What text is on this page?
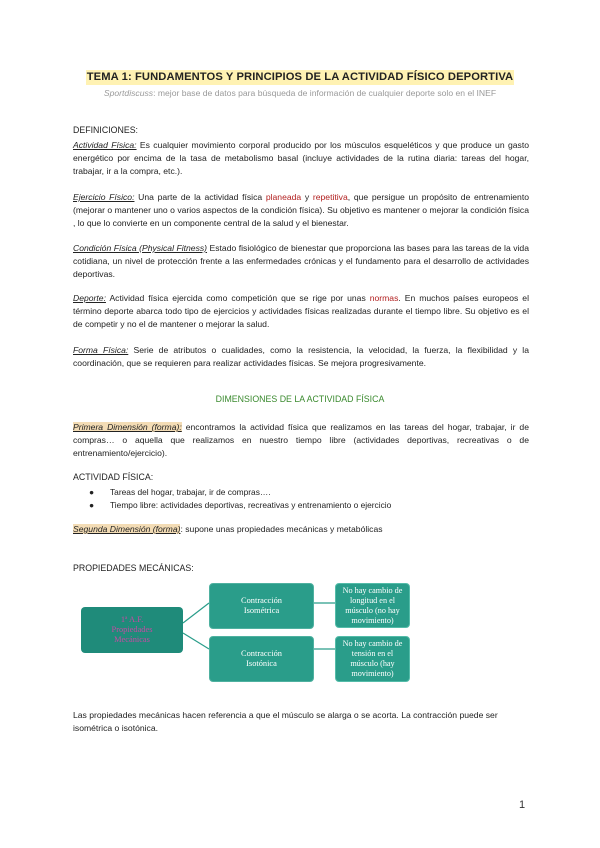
TEMA 1: FUNDAMENTOS Y PRINCIPIOS DE LA ACTIVIDAD FÍSICO DEPORTIVA
Sportdiscuss: mejor base de datos para búsqueda de información de cualquier deporte solo en el INEF
DEFINICIONES:
Actividad Física: Es cualquier movimiento corporal producido por los músculos esqueléticos y que produce un gasto energético por encima de la tasa de metabolismo basal (incluye actividades de la rutina diaria: tareas del hogar, trabajar, ir a la compra, etc.).
Ejercicio Físico: Una parte de la actividad física planeada y repetitiva, que persigue un propósito de entrenamiento (mejorar o mantener uno o varios aspectos de la condición física). Su objetivo es mantener o mejorar la condición física , lo que lo convierte en un componente central de la salud y el bienestar.
Condición Física (Physical Fitness) Estado fisiológico de bienestar que proporciona las bases para las tareas de la vida cotidiana, un nivel de protección frente a las enfermedades crónicas y el fundamento para el desarrollo de actividades deportivas.
Deporte: Actividad física ejercida como competición que se rige por unas normas. En muchos países europeos el término deporte abarca todo tipo de ejercicios y actividades físicas realizadas durante el tiempo libre. Su objetivo es el de competir y no el de mantener o mejorar la salud.
Forma Física: Serie de atributos o cualidades, como la resistencia, la velocidad, la fuerza, la flexibilidad y la coordinación, que se requieren para realizar actividades físicas. Se mejora progresivamente.
DIMENSIONES DE LA ACTIVIDAD FÍSICA
Primera Dimensión (forma): encontramos la actividad física que realizamos en las tareas del hogar, trabajar, ir de compras… o aquella que realizamos en nuestro tiempo libre (actividades deportivas, recreativas o de entrenamiento/ejercicio).
ACTIVIDAD FÍSICA:
● Tareas del hogar, trabajar, ir de compras….
● Tiempo libre: actividades deportivas, recreativas y entrenamiento o ejercicio
Segunda Dimensión (forma): supone unas propiedades mecánicas y metabólicas
PROPIEDADES MECÁNICAS:
1ª A.F.
Propiedades
Mecánicas
Contracción
Isométrica
Contracción
Isotónica
No hay cambio de
longitud en el
músculo (no hay
movimiento)
No hay cambio de
tensión en el
músculo (hay
movimiento)
Las propiedades mecánicas hacen referencia a que el músculo se alarga o se acorta. La contracción puede ser isométrica o isotónica.
1
